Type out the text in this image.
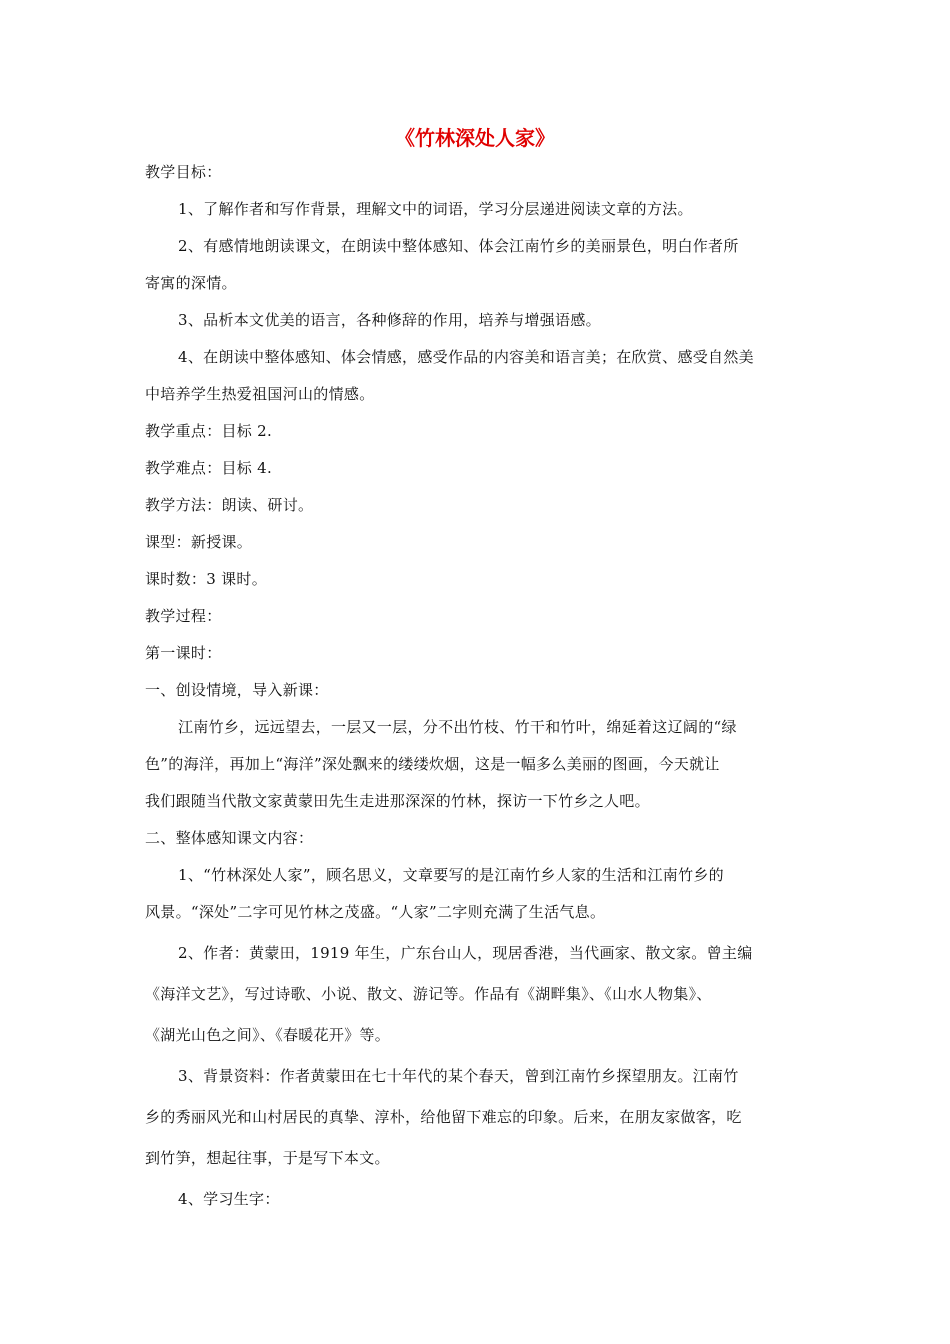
《竹林深处人家》
教学目标：
1、了解作者和写作背景，理解文中的词语，学习分层递进阅读文章的方法。
2、有感情地朗读课文，在朗读中整体感知、体会江南竹乡的美丽景色，明白作者所
寄寓的深情。
3、品析本文优美的语言，各种修辞的作用，培养与增强语感。
4、在朗读中整体感知、体会情感，感受作品的内容美和语言美；在欣赏、感受自然美
中培养学生热爱祖国河山的情感。
教学重点：目标 2.
教学难点：目标 4.
教学方法：朗读、研讨。
课型：新授课。
课时数：3 课时。
教学过程：
第一课时：
一、创设情境，导入新课：
江南竹乡，远远望去，一层又一层，分不出竹枝、竹干和竹叶，绵延着这辽阔的“绿
色”的海洋，再加上“海洋”深处飘来的缕缕炊烟，这是一幅多么美丽的图画，今天就让
我们跟随当代散文家黄蒙田先生走进那深深的竹林，探访一下竹乡之人吧。
二、整体感知课文内容：
1、“竹林深处人家”，顾名思义，文章要写的是江南竹乡人家的生活和江南竹乡的
风景。“深处”二字可见竹林之茂盛。“人家”二字则充满了生活气息。
2、作者：黄蒙田，1919 年生，广东台山人，现居香港，当代画家、散文家。曾主编
《海洋文艺》，写过诗歌、小说、散文、游记等。作品有《湖畔集》、《山水人物集》、
《湖光山色之间》、《春暖花开》等。
3、背景资料：作者黄蒙田在七十年代的某个春天，曾到江南竹乡探望朋友。江南竹
乡的秀丽风光和山村居民的真挚、淳朴，给他留下难忘的印象。后来，在朋友家做客，吃
到竹笋，想起往事，于是写下本文。
4、学习生字：
